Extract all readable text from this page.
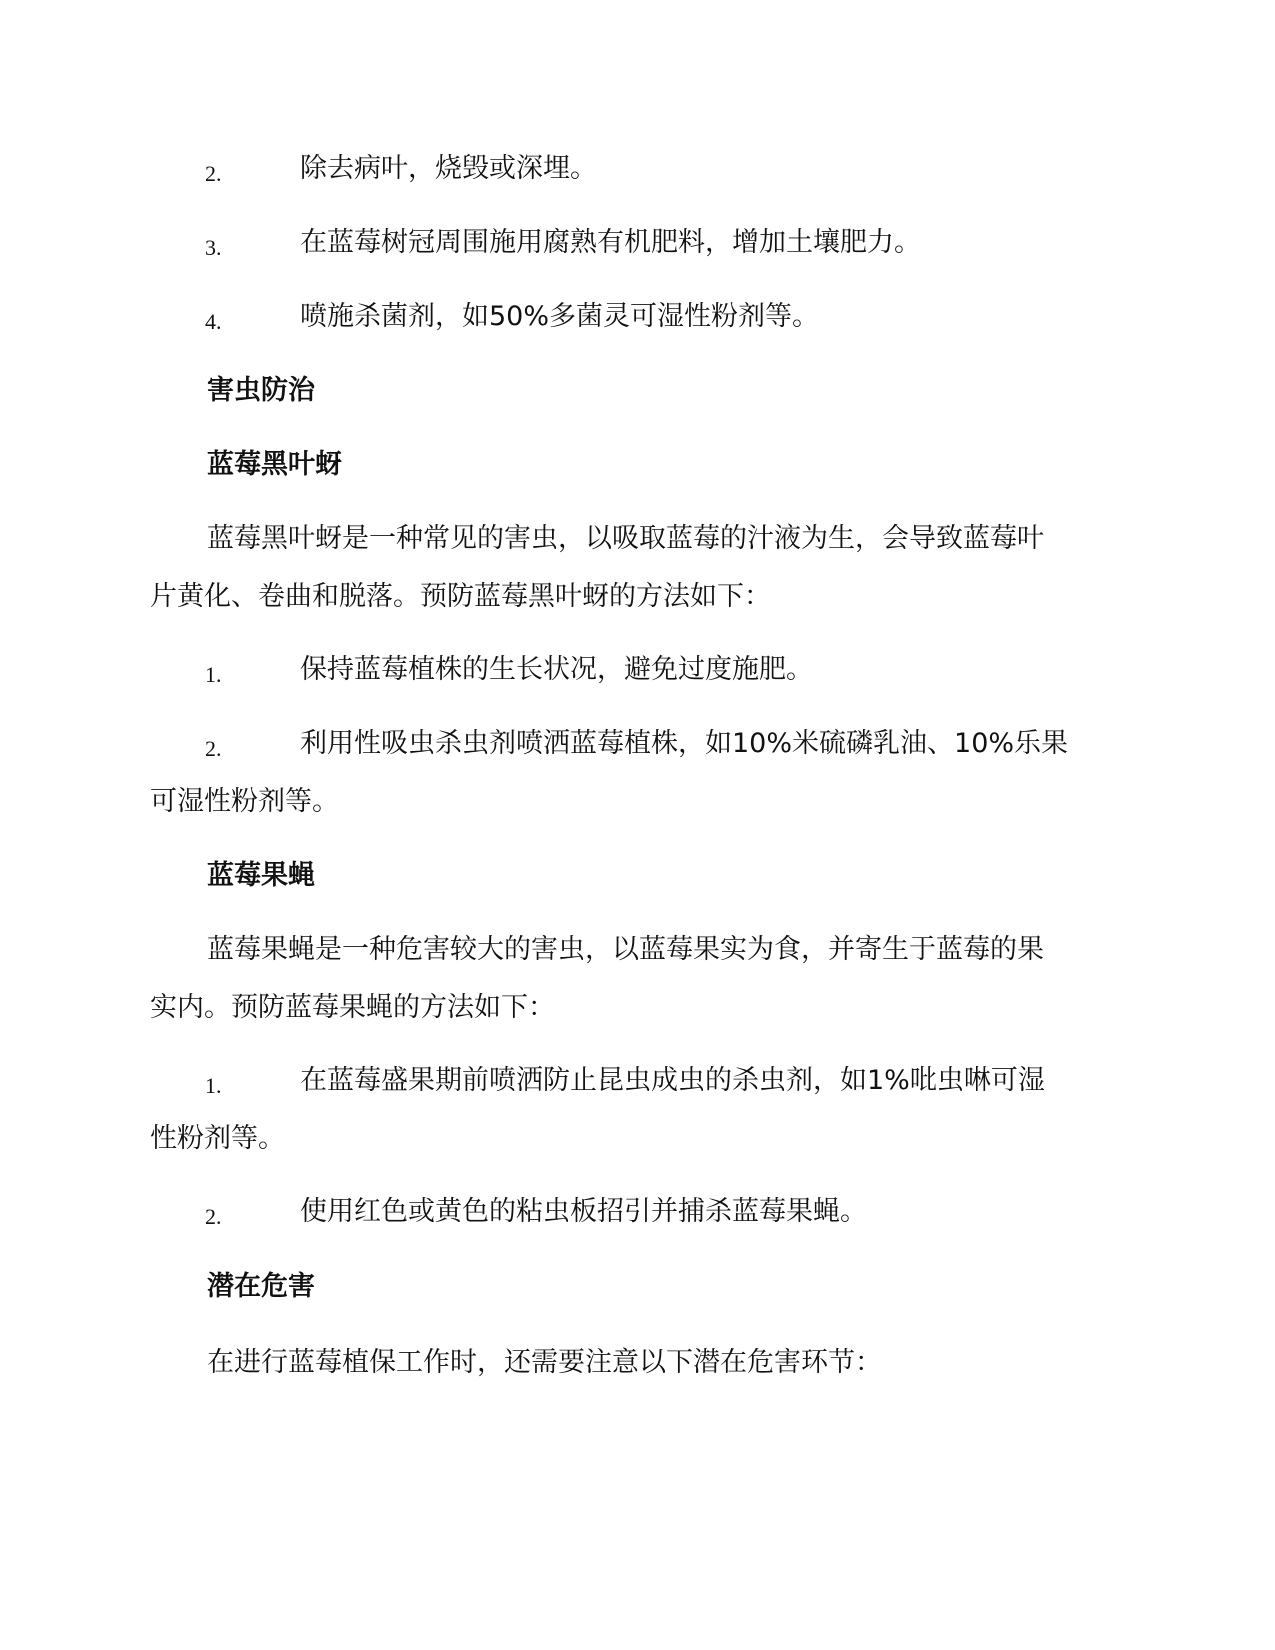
2.	除去病叶，烧毁或深埋。
3.	在蓝莓树冠周围施用腐熟有机肥料，增加土壤肥力。
4.	喷施杀菌剂，如50%多菌灵可湿性粉剂等。
害虫防治
蓝莓黑叶蚜
蓝莓黑叶蚜是一种常见的害虫，以吸取蓝莓的汁液为生，会导致蓝莓叶
片黄化、卷曲和脱落。预防蓝莓黑叶蚜的方法如下：
1.	保持蓝莓植株的生长状况，避免过度施肥。
2.	利用性吸虫杀虫剂喷洒蓝莓植株，如10%米硫磷乳油、10%乐果
可湿性粉剂等。
蓝莓果蝇
蓝莓果蝇是一种危害较大的害虫，以蓝莓果实为食，并寄生于蓝莓的果
实内。预防蓝莓果蝇的方法如下：
1.	在蓝莓盛果期前喷洒防止昆虫成虫的杀虫剂，如1%吡虫啉可湿
性粉剂等。
2.	使用红色或黄色的粘虫板招引并捕杀蓝莓果蝇。
潜在危害
在进行蓝莓植保工作时，还需要注意以下潜在危害环节：
